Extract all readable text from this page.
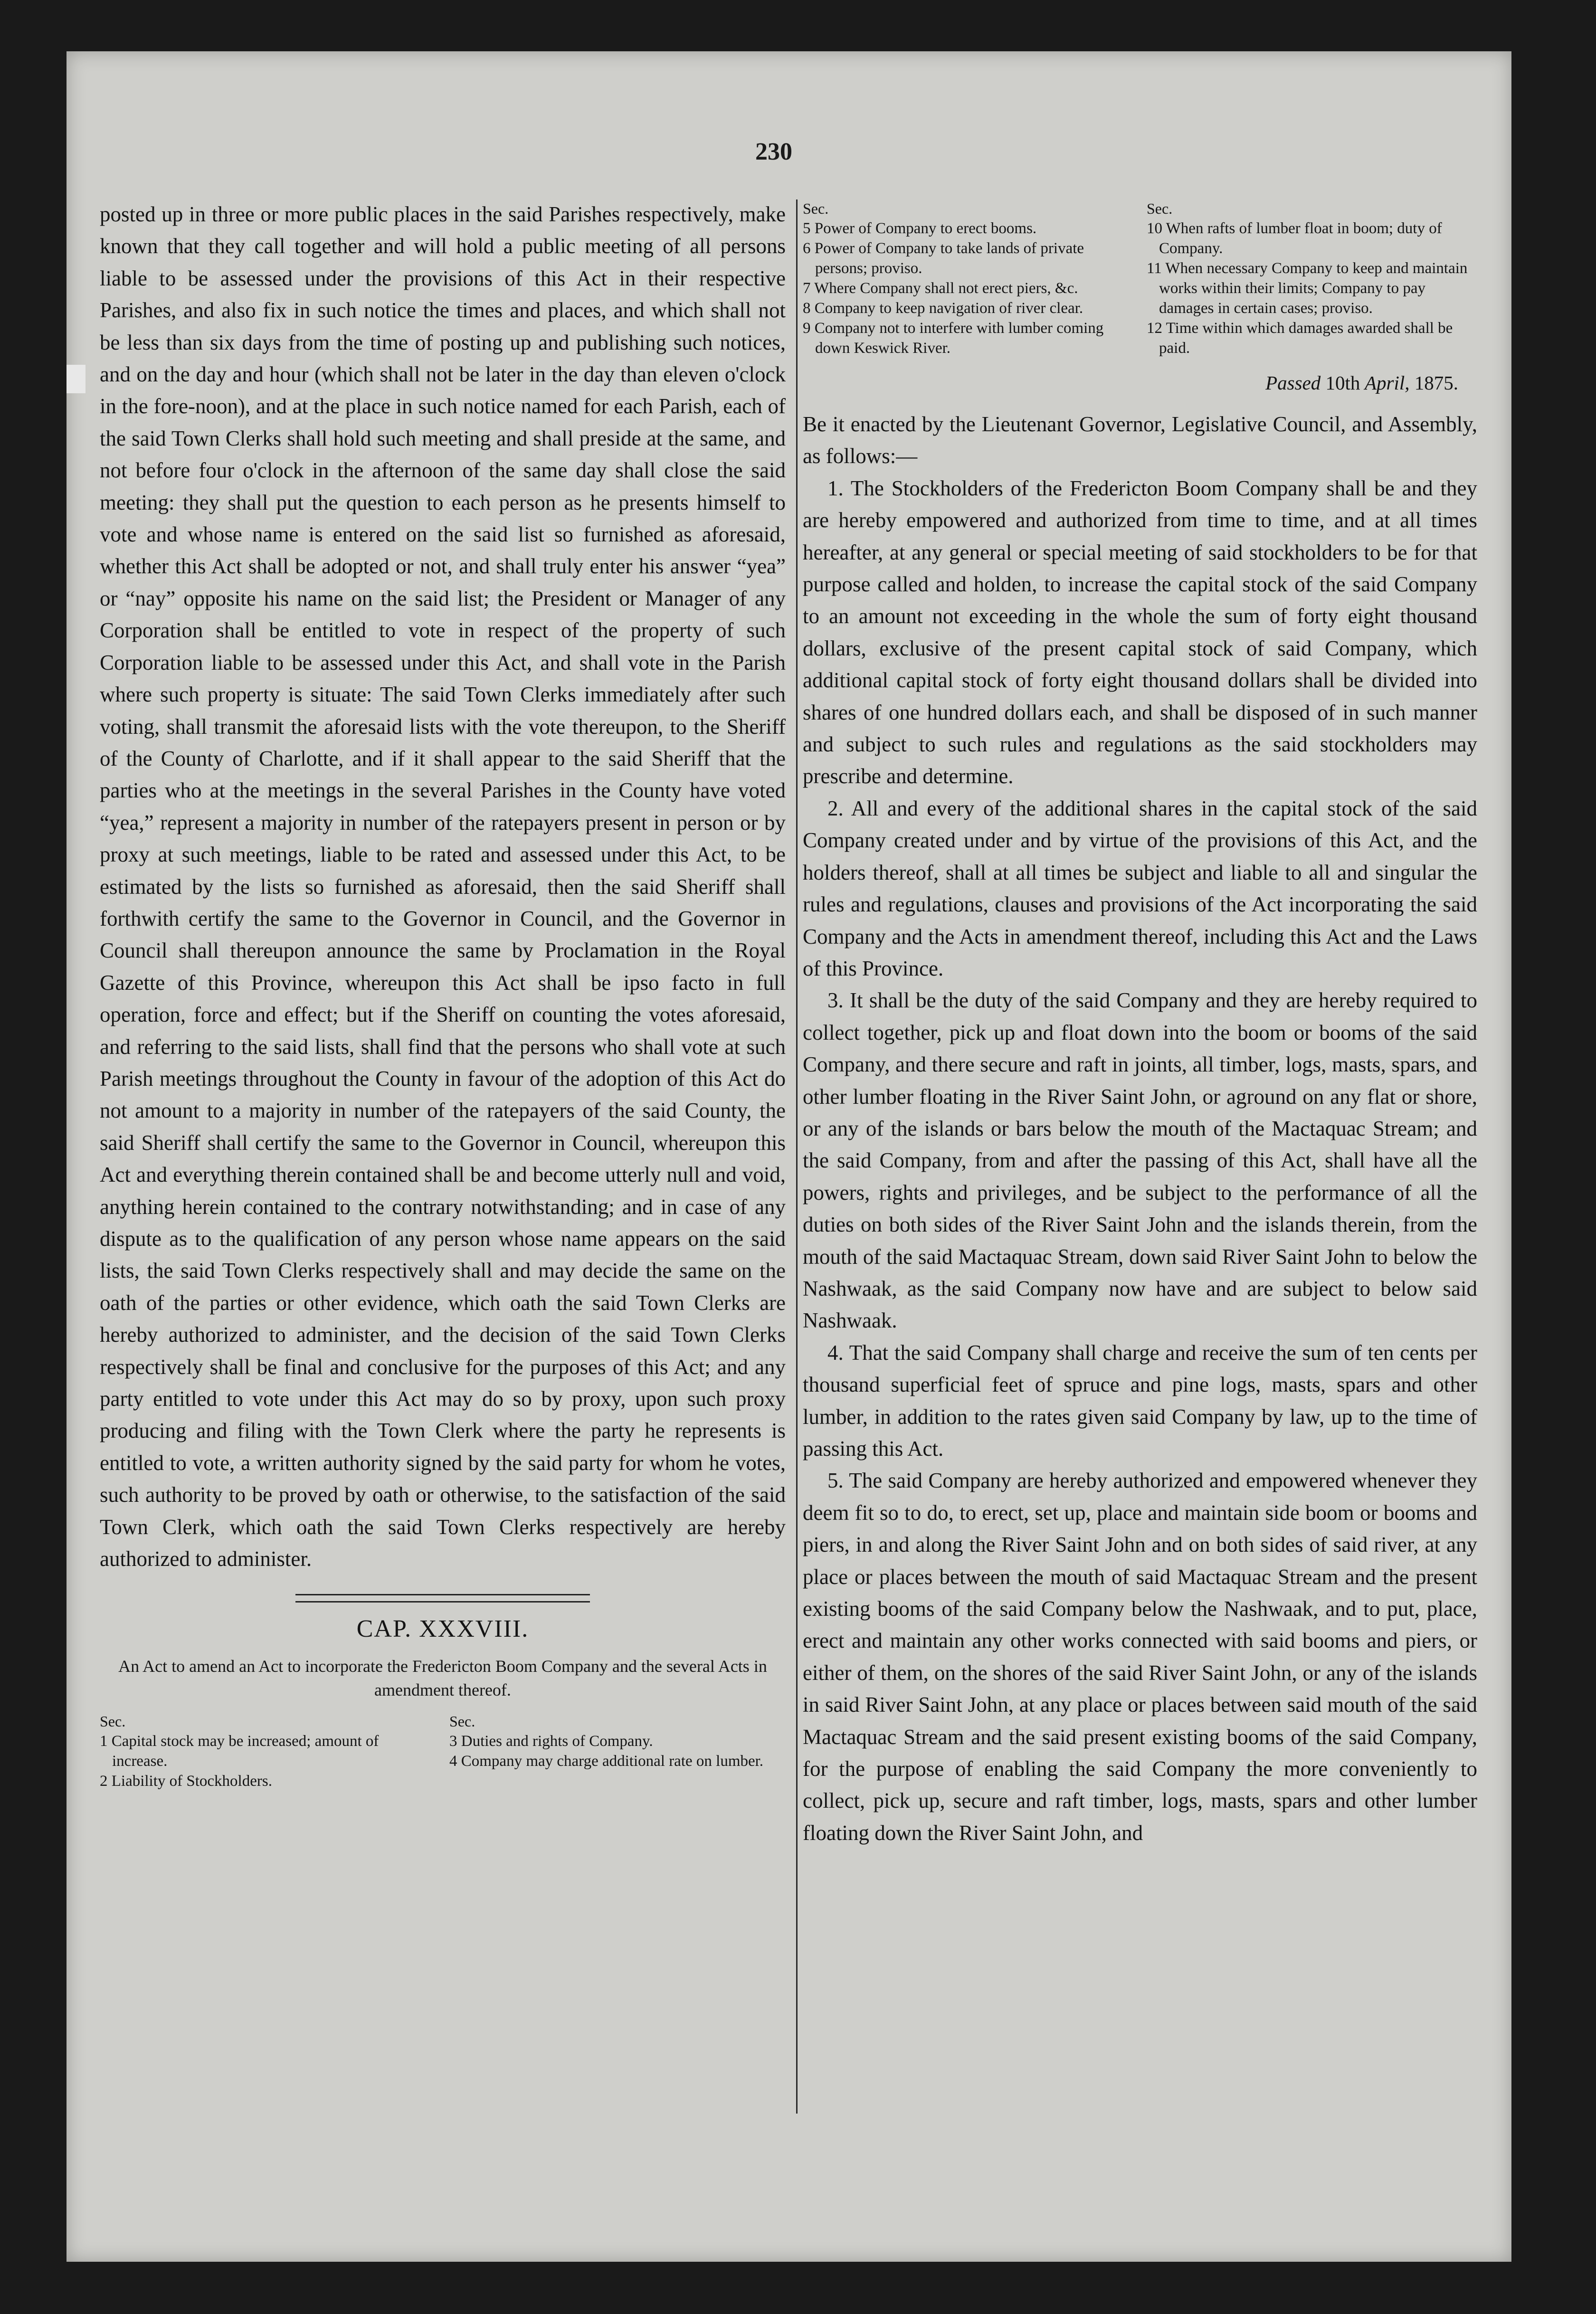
230

posted up in three or more public places in the said Parishes respectively, make known that they call together and will hold a public meeting of all persons liable to be assessed under the provisions of this Act in their respective Parishes, and also fix in such notice the times and places, and which shall not be less than six days from the time of posting up and publishing such notices, and on the day and hour (which shall not be later in the day than eleven o'clock in the fore-noon), and at the place in such notice named for each Parish, each of the said Town Clerks shall hold such meeting and shall preside at the same, and not before four o'clock in the afternoon of the same day shall close the said meeting: they shall put the question to each person as he presents himself to vote and whose name is entered on the said list so furnished as aforesaid, whether this Act shall be adopted or not, and shall truly enter his answer “yea” or “nay” opposite his name on the said list; the President or Manager of any Corporation shall be entitled to vote in respect of the property of such Corporation liable to be assessed under this Act, and shall vote in the Parish where such property is situate: The said Town Clerks immediately after such voting, shall transmit the aforesaid lists with the vote thereupon, to the Sheriff of the County of Charlotte, and if it shall appear to the said Sheriff that the parties who at the meetings in the several Parishes in the County have voted “yea,” represent a majority in number of the ratepayers present in person or by proxy at such meetings, liable to be rated and assessed under this Act, to be estimated by the lists so furnished as aforesaid, then the said Sheriff shall forthwith certify the same to the Governor in Council, and the Governor in Council shall thereupon announce the same by Proclamation in the Royal Gazette of this Province, whereupon this Act shall be ipso facto in full operation, force and effect; but if the Sheriff on counting the votes aforesaid, and referring to the said lists, shall find that the persons who shall vote at such Parish meetings throughout the County in favour of the adoption of this Act do not amount to a majority in number of the ratepayers of the said County, the said Sheriff shall certify the same to the Governor in Council, whereupon this Act and everything therein contained shall be and become utterly null and void, anything herein contained to the contrary notwithstanding; and in case of any dispute as to the qualification of any person whose name appears on the said lists, the said Town Clerks respectively shall and may decide the same on the oath of the parties or other evidence, which oath the said Town Clerks are hereby authorized to administer, and the decision of the said Town Clerks respectively shall be final and conclusive for the purposes of this Act; and any party entitled to vote under this Act may do so by proxy, upon such proxy producing and filing with the Town Clerk where the party he represents is entitled to vote, a written authority signed by the said party for whom he votes, such authority to be proved by oath or otherwise, to the satisfaction of the said Town Clerk, which oath the said Town Clerks respectively are hereby authorized to administer.

CAP. XXXVIII.
An Act to amend an Act to incorporate the Fredericton Boom Company and the several Acts in amendment thereof.
Sec.
1 Capital stock may be increased; amount of increase.
2 Liability of Stockholders.
Sec.
3 Duties and rights of Company.
4 Company may charge additional rate on lumber.
Sec.
5 Power of Company to erect booms.
6 Power of Company to take lands of private persons; proviso.
7 Where Company shall not erect piers, &c.
8 Company to keep navigation of river clear.
9 Company not to interfere with lumber coming down Keswick River.
Sec.
10 When rafts of lumber float in boom; duty of Company.
11 When necessary Company to keep and maintain works within their limits; Company to pay damages in certain cases; proviso.
12 Time within which damages awarded shall be paid.
Passed 10th April, 1875.

Be it enacted by the Lieutenant Governor, Legislative Council, and Assembly, as follows:—
1. The Stockholders of the Fredericton Boom Company shall be and they are hereby empowered and authorized from time to time, and at all times hereafter, at any general or special meeting of said stockholders to be for that purpose called and holden, to increase the capital stock of the said Company to an amount not exceeding in the whole the sum of forty eight thousand dollars, exclusive of the present capital stock of said Company, which additional capital stock of forty eight thousand dollars shall be divided into shares of one hundred dollars each, and shall be disposed of in such manner and subject to such rules and regulations as the said stockholders may prescribe and determine.
2. All and every of the additional shares in the capital stock of the said Company created under and by virtue of the provisions of this Act, and the holders thereof, shall at all times be subject and liable to all and singular the rules and regulations, clauses and provisions of the Act incorporating the said Company and the Acts in amendment thereof, including this Act and the Laws of this Province.
3. It shall be the duty of the said Company and they are hereby required to collect together, pick up and float down into the boom or booms of the said Company, and there secure and raft in joints, all timber, logs, masts, spars, and other lumber floating in the River Saint John, or aground on any flat or shore, or any of the islands or bars below the mouth of the Mactaquac Stream; and the said Company, from and after the passing of this Act, shall have all the powers, rights and privileges, and be subject to the performance of all the duties on both sides of the River Saint John and the islands therein, from the mouth of the said Mactaquac Stream, down said River Saint John to below the Nashwaak, as the said Company now have and are subject to below said Nashwaak.
4. That the said Company shall charge and receive the sum of ten cents per thousand superficial feet of spruce and pine logs, masts, spars and other lumber, in addition to the rates given said Company by law, up to the time of passing this Act.
5. The said Company are hereby authorized and empowered whenever they deem fit so to do, to erect, set up, place and maintain side boom or booms and piers, in and along the River Saint John and on both sides of said river, at any place or places between the mouth of said Mactaquac Stream and the present existing booms of the said Company below the Nashwaak, and to put, place, erect and maintain any other works connected with said booms and piers, or either of them, on the shores of the said River Saint John, or any of the islands in said River Saint John, at any place or places between said mouth of the said Mactaquac Stream and the said present existing booms of the said Company, for the purpose of enabling the said Company the more conveniently to collect, pick up, secure and raft timber, logs, masts, spars and other lumber floating down the River Saint John, and
